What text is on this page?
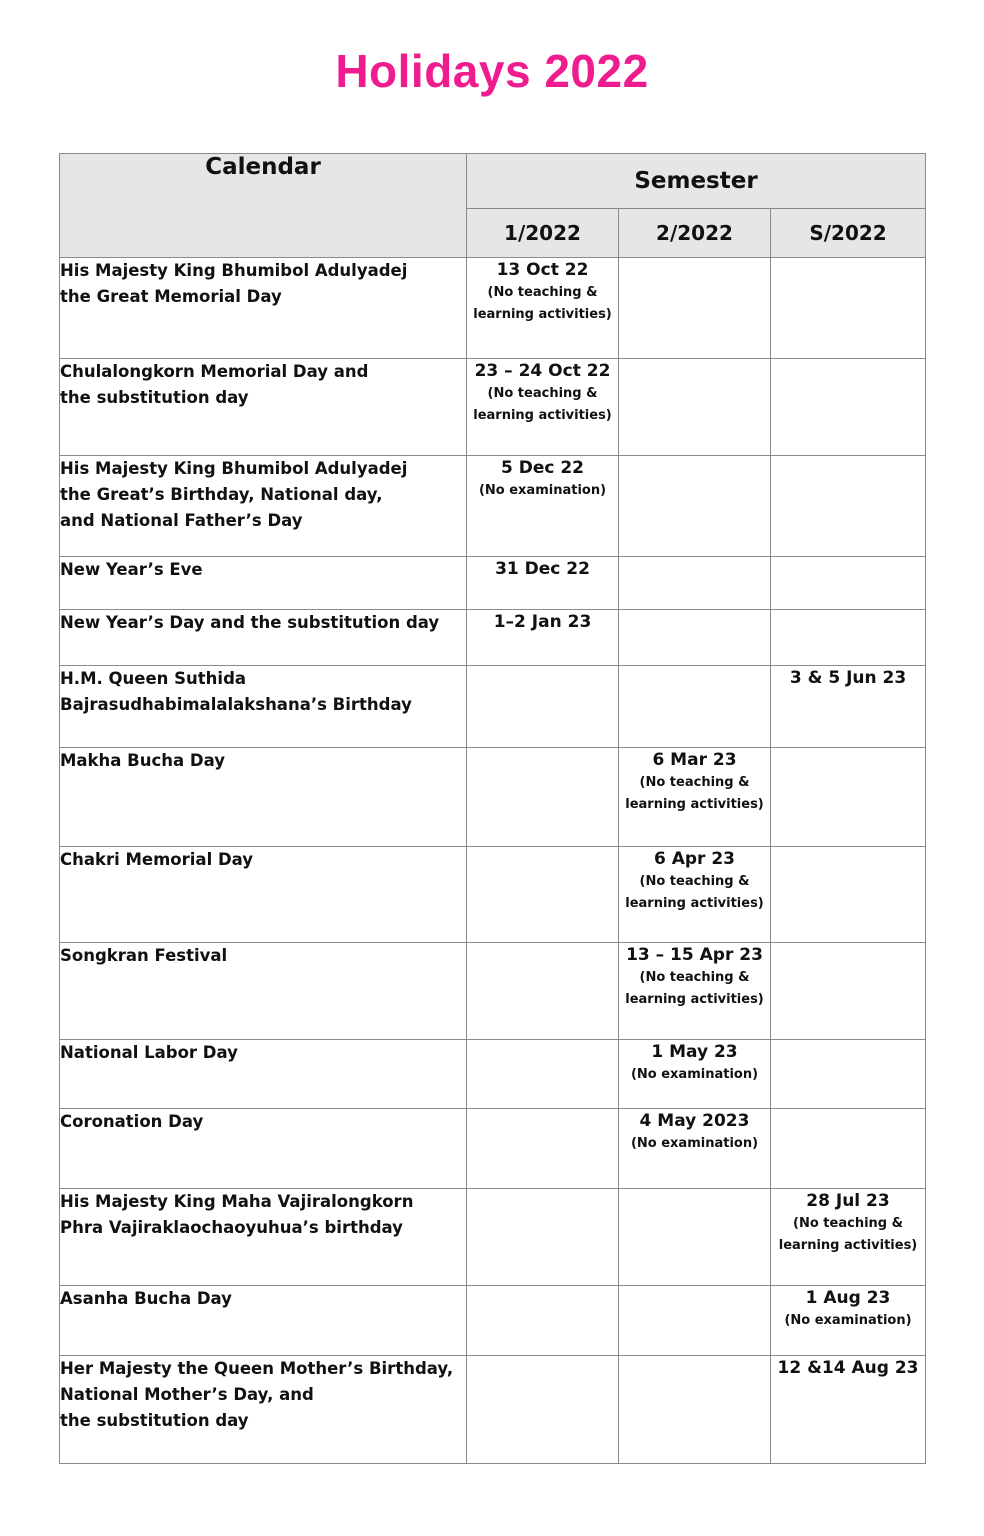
Holidays 2022
Calendar	Semester		
	1/2022	2/2022	S/2022
His Majesty King Bhumibol Adulyadej
the Great Memorial Day	13 Oct 22
(No teaching &
learning activities)		

Chulalongkorn Memorial Day and
the substitution day	23 – 24 Oct 22
(No teaching &
learning activities)		

His Majesty King Bhumibol Adulyadej
the Great’s Birthday, National day,
and National Father’s Day	5 Dec 22
(No examination)		

New Year’s Eve	31 Dec 22		

New Year’s Day and the substitution day	1–2 Jan 23		

H.M. Queen Suthida
Bajrasudhabimalalakshana’s Birthday			3 & 5 Jun 23

Makha Bucha Day		6 Mar 23
(No teaching &
learning activities)	

Chakri Memorial Day		6 Apr 23
(No teaching &
learning activities)	

Songkran Festival		13 – 15 Apr 23
(No teaching &
learning activities)	

National Labor Day		1 May 23
(No examination)	

Coronation Day		4 May 2023
(No examination)	

His Majesty King Maha Vajiralongkorn
Phra Vajiraklaochaoyuhua’s birthday			28 Jul 23
(No teaching &
learning activities)

Asanha Bucha Day			1 Aug 23
(No examination)

Her Majesty the Queen Mother’s Birthday,
National Mother’s Day, and
the substitution day			12 &14 Aug 23
